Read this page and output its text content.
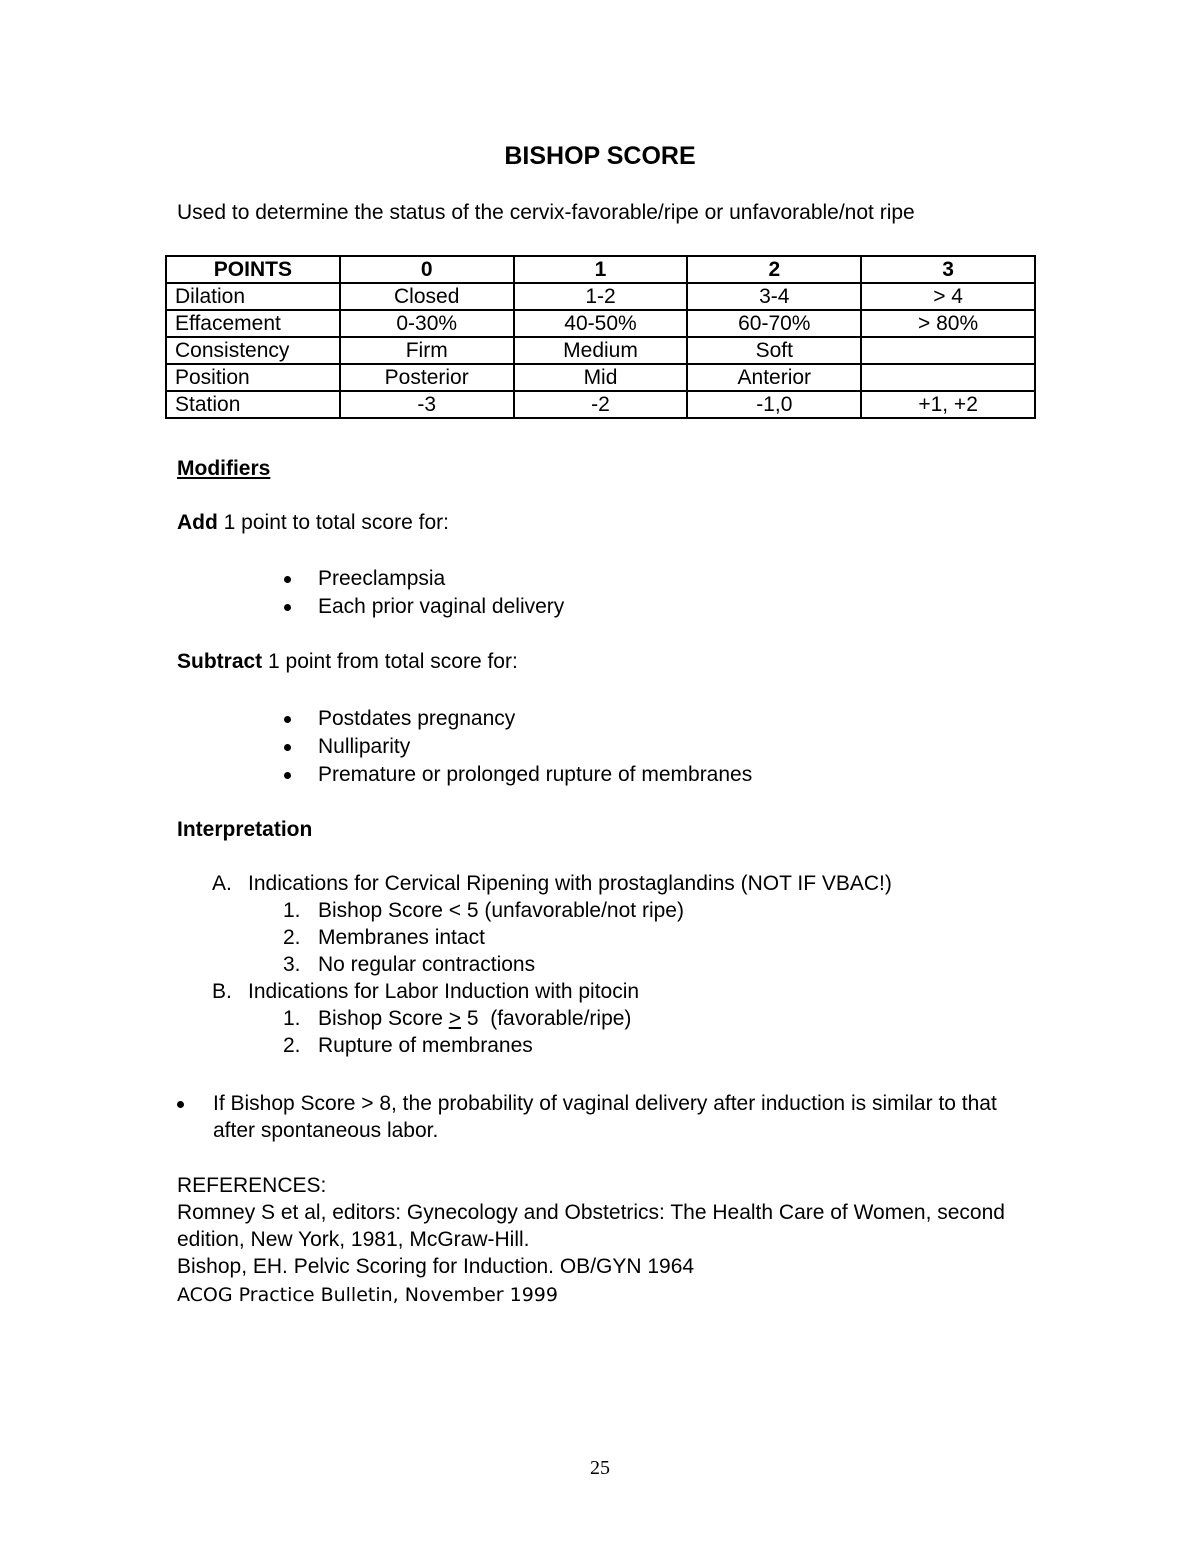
BISHOP SCORE

Used to determine the status of the cervix-favorable/ripe or unfavorable/not ripe

POINTS	0	1	2	3
Dilation	Closed	1-2	3-4	> 4
Effacement	0-30%	40-50%	60-70%	> 80%
Consistency	Firm	Medium	Soft	
Position	Posterior	Mid	Anterior	
Station	-3	-2	-1,0	+1, +2
Modifiers

Add 1 point to total score for:

Preeclampsia
Each prior vaginal delivery

Subtract 1 point from total score for:

Postdates pregnancy
Nulliparity
Premature or prolonged rupture of membranes
Interpretation
A. Indications for Cervical Ripening with prostaglandins (NOT IF VBAC!)
1. Bishop Score < 5 (unfavorable/not ripe)
2. Membranes intact
3. No regular contractions
B. Indications for Labor Induction with pitocin
1. Bishop Score ≥ 5  (favorable/ripe)
2. Rupture of membranes
If Bishop Score > 8, the probability of vaginal delivery after induction is similar to that after spontaneous labor.

REFERENCES:

Romney S et al, editors: Gynecology and Obstetrics: The Health Care of Women, second edition, New York, 1981, McGraw-Hill.

Bishop, EH. Pelvic Scoring for Induction. OB/GYN 1964

ACOG Practice Bulletin, November 1999

25
